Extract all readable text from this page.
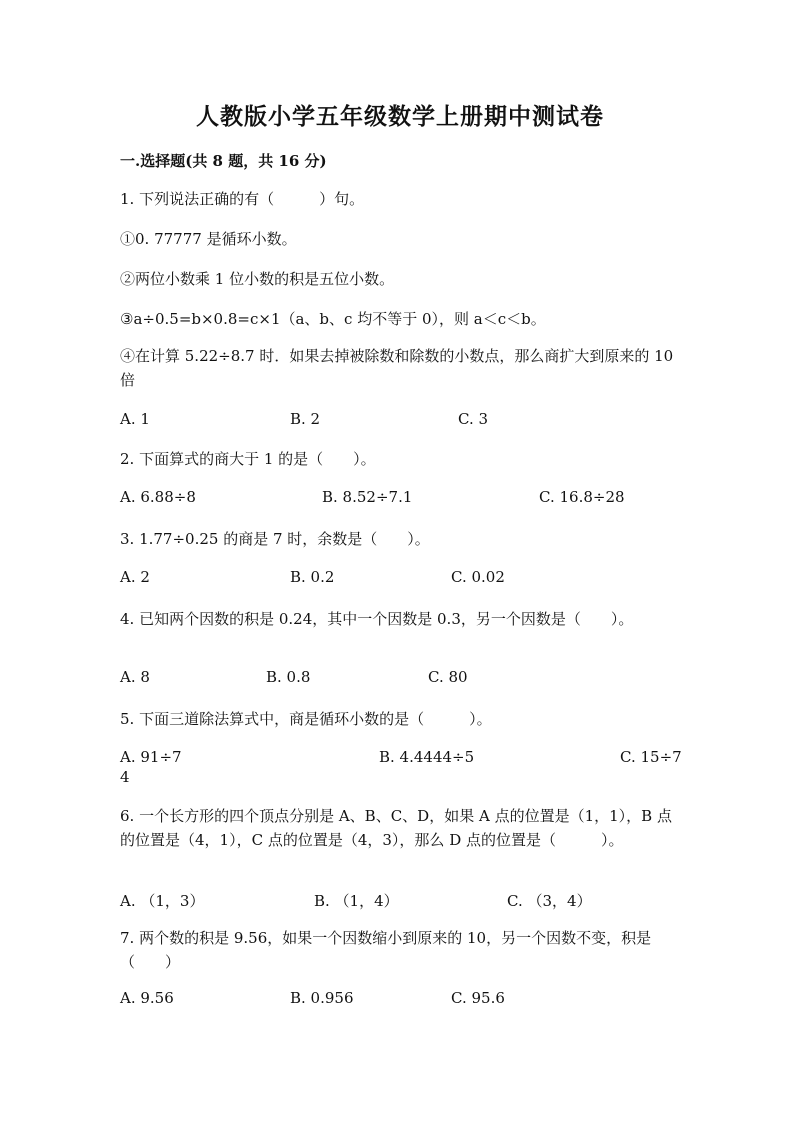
人教版小学五年级数学上册期中测试卷
一.选择题(共 8 题，共 16 分)
1. 下列说法正确的有（　　　）句。
①0. 77777 是循环小数。
②两位小数乘 1 位小数的积是五位小数。
③a÷0.5=b×0.8=c×1（a、b、c 均不等于 0），则 a＜c＜b。
④在计算 5.22÷8.7 时．如果去掉被除数和除数的小数点，那么商扩大到原来的 10 倍
A. 1	B. 2	C. 3
2. 下面算式的商大于 1 的是（　　）。
A. 6.88÷8	B. 8.52÷7.1	C. 16.8÷28
3. 1.77÷0.25 的商是 7 时，余数是（　　）。
A. 2	B. 0.2	C. 0.02
4. 已知两个因数的积是 0.24，其中一个因数是 0.3，另一个因数是（　　）。
A. 8	B. 0.8	C. 80
5. 下面三道除法算式中，商是循环小数的是（　　　）。
A. 91÷7	B. 4.4444÷5	C. 15÷7
4
6. 一个长方形的四个顶点分别是 A、B、C、D，如果 A 点的位置是（1，1），B 点的位置是（4，1），C 点的位置是（4，3），那么 D 点的位置是（　　　）。
A. （1，3）	B. （1，4）	C. （3，4）
7. 两个数的积是 9.56，如果一个因数缩小到原来的 10，另一个因数不变，积是（　　）
A. 9.56	B. 0.956	C. 95.6
